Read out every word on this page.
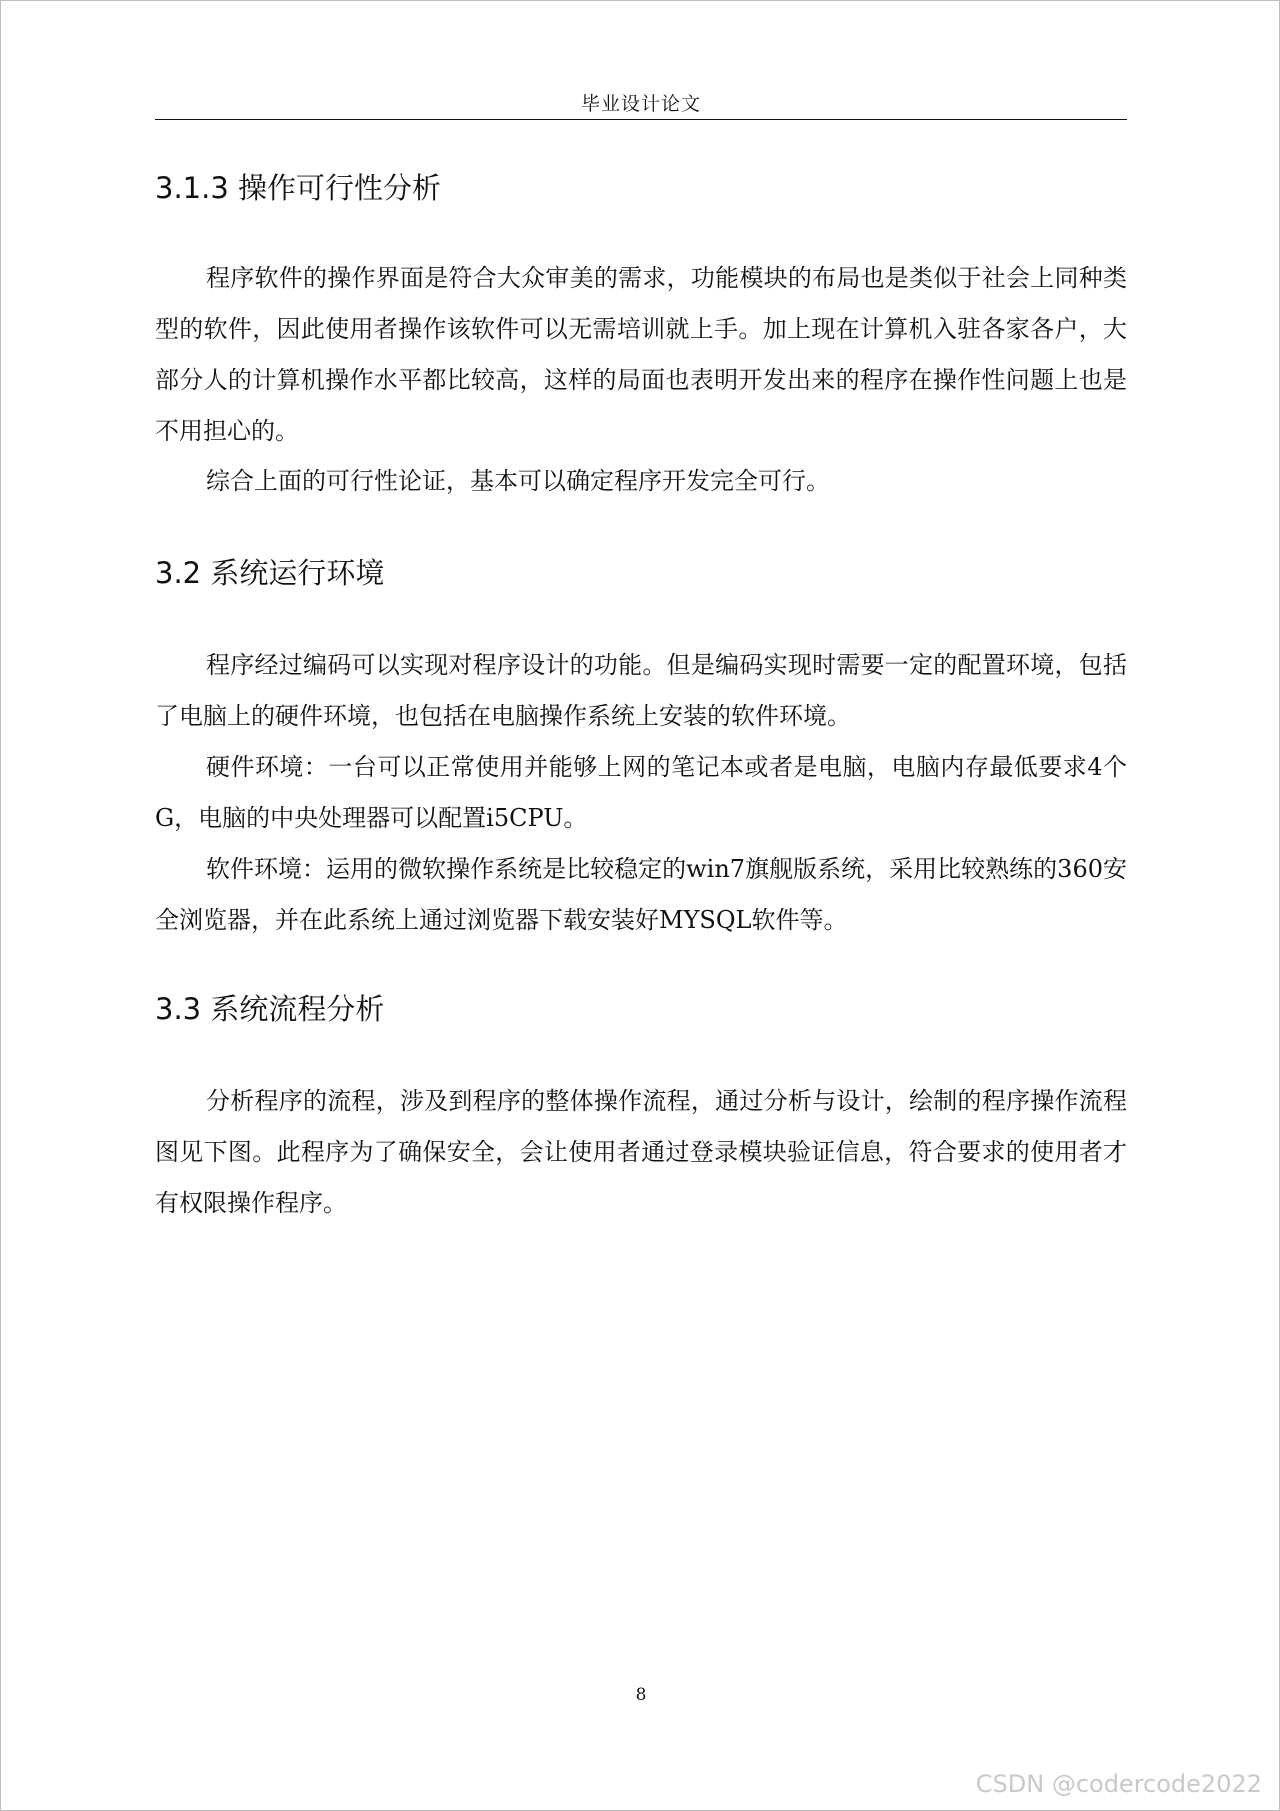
毕业设计论文
3.1.3 操作可行性分析

程序软件的操作界面是符合大众审美的需求，功能模块的布局也是类似于社会上同种类型的软件，因此使用者操作该软件可以无需培训就上手。加上现在计算机入驻各家各户，大部分人的计算机操作水平都比较高，这样的局面也表明开发出来的程序在操作性问题上也是不用担心的。

综合上面的可行性论证，基本可以确定程序开发完全可行。

3.2 系统运行环境

程序经过编码可以实现对程序设计的功能。但是编码实现时需要一定的配置环境，包括了电脑上的硬件环境，也包括在电脑操作系统上安装的软件环境。

硬件环境：一台可以正常使用并能够上网的笔记本或者是电脑，电脑内存最低要求4个G，电脑的中央处理器可以配置i5CPU。

软件环境：运用的微软操作系统是比较稳定的win7旗舰版系统，采用比较熟练的360安全浏览器，并在此系统上通过浏览器下载安装好MYSQL软件等。

3.3 系统流程分析

分析程序的流程，涉及到程序的整体操作流程，通过分析与设计，绘制的程序操作流程图见下图。此程序为了确保安全，会让使用者通过登录模块验证信息，符合要求的使用者才有权限操作程序。

8
CSDN @codercode2022
